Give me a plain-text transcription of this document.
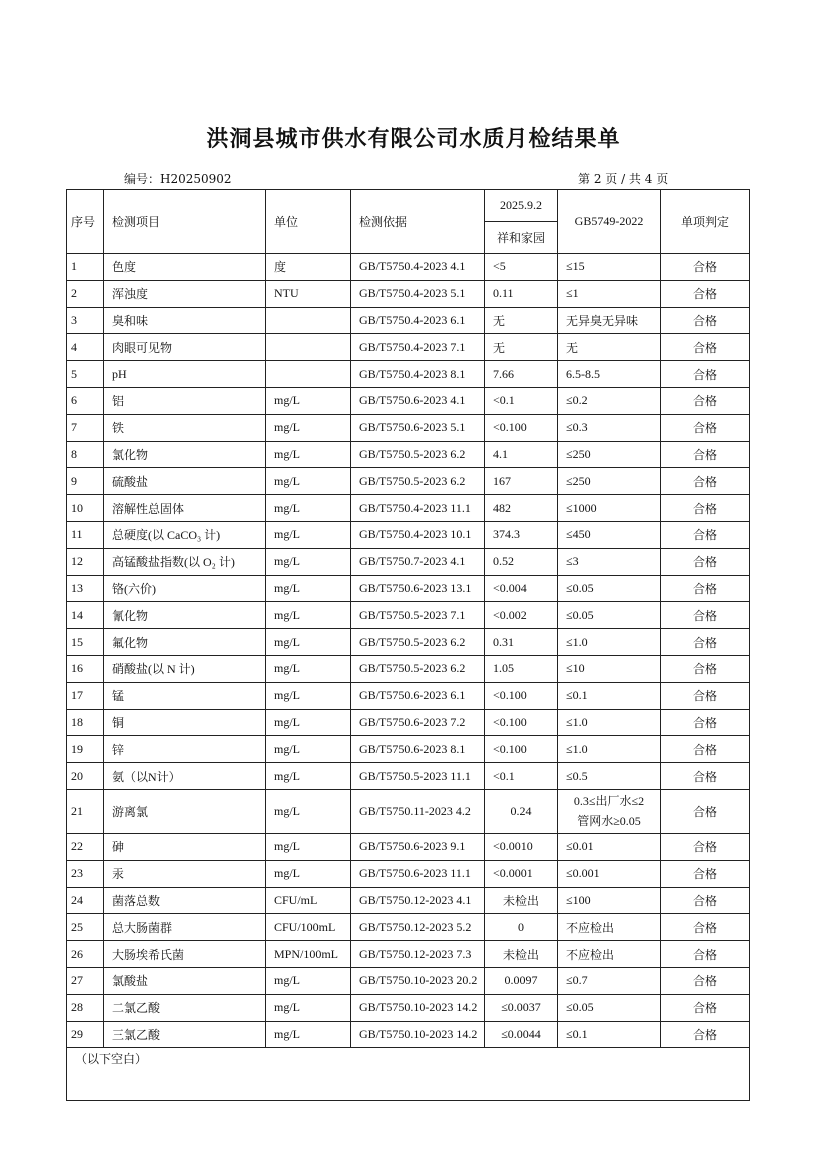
洪洞县城市供水有限公司水质月检结果单
编号：H20250902	第 2 页 / 共 4 页
序号	检测项目	单位	检测依据	2025.9.2	GB5749-2022	单项判定
				祥和家园		
1	色度	度	GB/T5750.4-2023 4.1	<5	≤15	合格
2	浑浊度	NTU	GB/T5750.4-2023 5.1	0.11	≤1	合格
3	臭和味		GB/T5750.4-2023 6.1	无	无异臭无异味	合格
4	肉眼可见物		GB/T5750.4-2023 7.1	无	无	合格
5	pH		GB/T5750.4-2023 8.1	7.66	6.5-8.5	合格
6	铝	mg/L	GB/T5750.6-2023 4.1	<0.1	≤0.2	合格
7	铁	mg/L	GB/T5750.6-2023 5.1	<0.100	≤0.3	合格
8	氯化物	mg/L	GB/T5750.5-2023 6.2	4.1	≤250	合格
9	硫酸盐	mg/L	GB/T5750.5-2023 6.2	167	≤250	合格
10	溶解性总固体	mg/L	GB/T5750.4-2023 11.1	482	≤1000	合格
11	总硬度(以 CaCO₃ 计)	mg/L	GB/T5750.4-2023 10.1	374.3	≤450	合格
12	高锰酸盐指数(以 O₂ 计)	mg/L	GB/T5750.7-2023 4.1	0.52	≤3	合格
13	铬(六价)	mg/L	GB/T5750.6-2023 13.1	<0.004	≤0.05	合格
14	氰化物	mg/L	GB/T5750.5-2023 7.1	<0.002	≤0.05	合格
15	氟化物	mg/L	GB/T5750.5-2023 6.2	0.31	≤1.0	合格
16	硝酸盐(以 N 计)	mg/L	GB/T5750.5-2023 6.2	1.05	≤10	合格
17	锰	mg/L	GB/T5750.6-2023 6.1	<0.100	≤0.1	合格
18	铜	mg/L	GB/T5750.6-2023 7.2	<0.100	≤1.0	合格
19	锌	mg/L	GB/T5750.6-2023 8.1	<0.100	≤1.0	合格
20	氨（以N计）	mg/L	GB/T5750.5-2023 11.1	<0.1	≤0.5	合格
21	游离氯	mg/L	GB/T5750.11-2023 4.2	0.24	0.3≤出厂水≤2
管网水≥0.05	合格
22	砷	mg/L	GB/T5750.6-2023 9.1	<0.0010	≤0.01	合格
23	汞	mg/L	GB/T5750.6-2023 11.1	<0.0001	≤0.001	合格
24	菌落总数	CFU/mL	GB/T5750.12-2023 4.1	未检出	≤100	合格
25	总大肠菌群	CFU/100mL	GB/T5750.12-2023 5.2	0	不应检出	合格
26	大肠埃希氏菌	MPN/100mL	GB/T5750.12-2023 7.3	未检出	不应检出	合格
27	氯酸盐	mg/L	GB/T5750.10-2023 20.2	0.0097	≤0.7	合格
28	二氯乙酸	mg/L	GB/T5750.10-2023 14.2	≤0.0037	≤0.05	合格
29	三氯乙酸	mg/L	GB/T5750.10-2023 14.2	≤0.0044	≤0.1	合格
（以下空白）						
